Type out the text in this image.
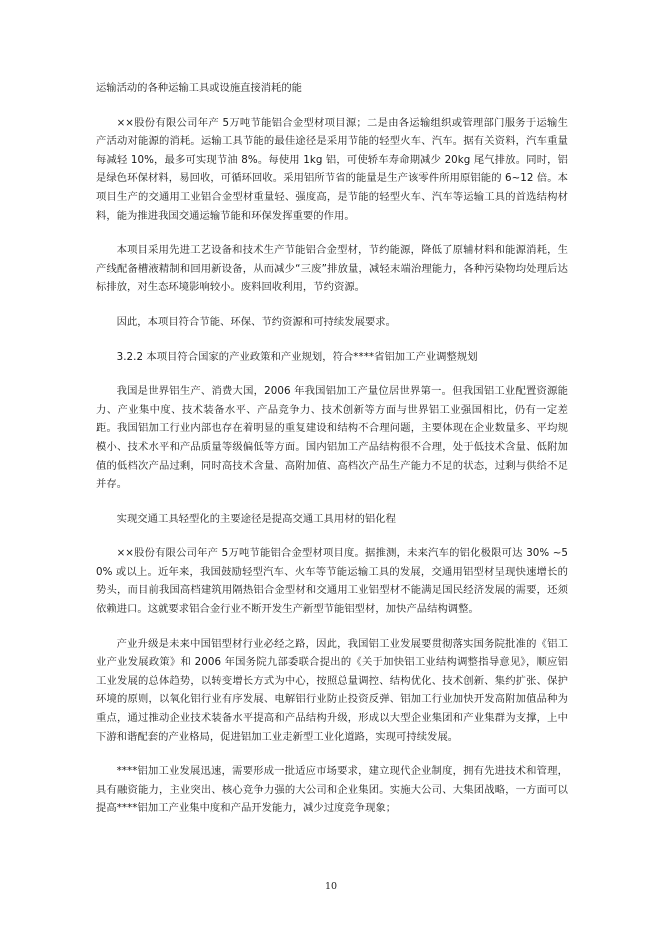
运输活动的各种运输工具或设施直接消耗的能

××股份有限公司年产 5万吨节能铝合金型材项目源；二是由各运输组织或管理部门服务于运输生产活动对能源的消耗。运输工具节能的最佳途径是采用节能的轻型火车、汽车。据有关资料，汽车重量每减轻 10%，最多可实现节油 8%。每使用 1kg 铝，可使轿车寿命期减少 20kg 尾气排放。同时，铝是绿色环保材料，易回收，可循环回收。采用铝所节省的能量是生产该零件所用原铝能的 6~12 倍。本项目生产的交通用工业铝合金型材重量轻、强度高，是节能的轻型火车、汽车等运输工具的首选结构材料，能为推进我国交通运输节能和环保发挥重要的作用。

本项目采用先进工艺设备和技术生产节能铝合金型材，节约能源，降低了原辅材料和能源消耗，生产线配备槽液精制和回用新设备，从而减少“三废”排放量，减轻末端治理能力，各种污染物均处理后达标排放，对生态环境影响较小。废料回收利用，节约资源。

因此，本项目符合节能、环保、节约资源和可持续发展要求。

3.2.2 本项目符合国家的产业政策和产业规划，符合****省铝加工产业调整规划

我国是世界铝生产、消费大国，2006 年我国铝加工产量位居世界第一。但我国铝工业配置资源能力、产业集中度、技术装备水平、产品竞争力、技术创新等方面与世界铝工业强国相比，仍有一定差距。我国铝加工行业内部也存在着明显的重复建设和结构不合理问题，主要体现在企业数量多、平均规模小、技术水平和产品质量等级偏低等方面。国内铝加工产品结构很不合理，处于低技术含量、低附加值的低档次产品过剩，同时高技术含量、高附加值、高档次产品生产能力不足的状态，过剩与供给不足并存。

实现交通工具轻型化的主要途径是提高交通工具用材的铝化程

××股份有限公司年产 5万吨节能铝合金型材项目度。据推测，未来汽车的铝化极限可达 30% ~50% 或以上。近年来，我国鼓励轻型汽车、火车等节能运输工具的发展，交通用铝型材呈现快速增长的势头，而目前我国高档建筑用隔热铝合金型材和交通用工业铝型材不能满足国民经济发展的需要，还须依赖进口。这就要求铝合金行业不断开发生产新型节能铝型材，加快产品结构调整。

产业升级是未来中国铝型材行业必经之路，因此，我国铝工业发展要贯彻落实国务院批准的《铝工业产业发展政策》和 2006 年国务院九部委联合提出的《关于加快铝工业结构调整指导意见》，顺应铝工业发展的总体趋势，以转变增长方式为中心，按照总量调控、结构优化、技术创新、集约扩张、保护环境的原则，以氧化铝行业有序发展、电解铝行业防止投资反弹、铝加工行业加快开发高附加值品种为重点，通过推动企业技术装备水平提高和产品结构升级，形成以大型企业集团和产业集群为支撑，上中下游和谐配套的产业格局，促进铝加工业走新型工业化道路，实现可持续发展。

****铝加工业发展迅速，需要形成一批适应市场要求，建立现代企业制度，拥有先进技术和管理，具有融资能力，主业突出、核心竞争力强的大公司和企业集团。实施大公司、大集团战略，一方面可以提高****铝加工产业集中度和产品开发能力，减少过度竞争现象；

10
